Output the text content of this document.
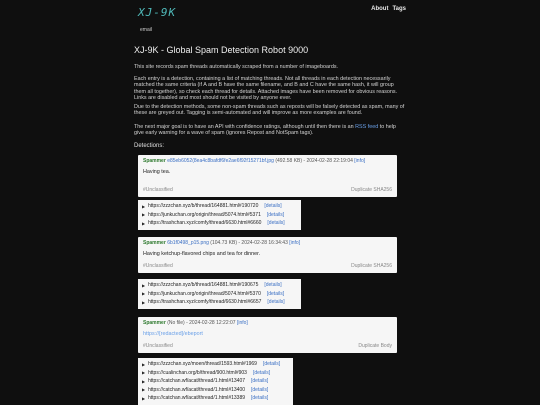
XJ-9K
email
About Tags
XJ-9K - Global Spam Detection Robot 9000
This site records spam threads automatically scraped from a number of imageboards.
Each entry is a detection, containing a list of matching threads. Not all threads in each detection necessarily matched the same criteria (if A and B have the same filename, and B and C have the same hash, it will group them all together), so check each thread for details. Attached images have been removed for obvious reasons. Links are disabled and most should not be visited by anyone ever.
Due to the detection methods, some non-spam threads such as reposts will be falsely detected as spam, many of these are greyed out. Tagging is semi-automated and will improve as more examples are found.
The next major goal is to have an API with confidence ratings, although until then there is an RSS feed to help give early warning for a wave of spam (ignores Repost and NotSpam tags).
Detections:
Spammer e85eb6052(8ea4c8bafdf6fe2ae6f92f15271bf.jpg (492.58 KB) - 2024-02-28 22:19:04 [info]
Having tea.
#Unclassified	Duplicate SHA256
▶ https://zzzchan.xyz/b/thread/164881.html#190720 [details]
▶ https://junkuchan.org/origin/thread/5074.html#5371 [details]
▶ https://trashchan.xyz/comfy/thread/6630.html#6660 [details]
Spammer 6b1f0498_p15.png (104.73 KB) - 2024-02-28 16:34:43 [info]
Having ketchup-flavored chips and tea for dinner.
#Unclassified	Duplicate SHA256
▶ https://zzzchan.xyz/b/thread/164881.html#190675 [details]
▶ https://junkuchan.org/origin/thread/5074.html#5370 [details]
▶ https://trashchan.xyz/comfy/thread/6630.html#6657 [details]
Spammer (No file) - 2024-02-28 12:22:07 [info]
https://[redacted]/ebeport
#Unclassified	Duplicate Body
▶ https://zzzchan.xyz/moen/thread/1593.html#1969 [details]
▶ https://cualinchan.org/b/thread/900.html#903 [details]
▶ https://catchan.wf/acat/thread/1.html#13407 [details]
▶ https://catchan.wf/acat/thread/1.html#13400 [details]
▶ https://catchan.wf/acat/thread/1.html#13389 [details]
